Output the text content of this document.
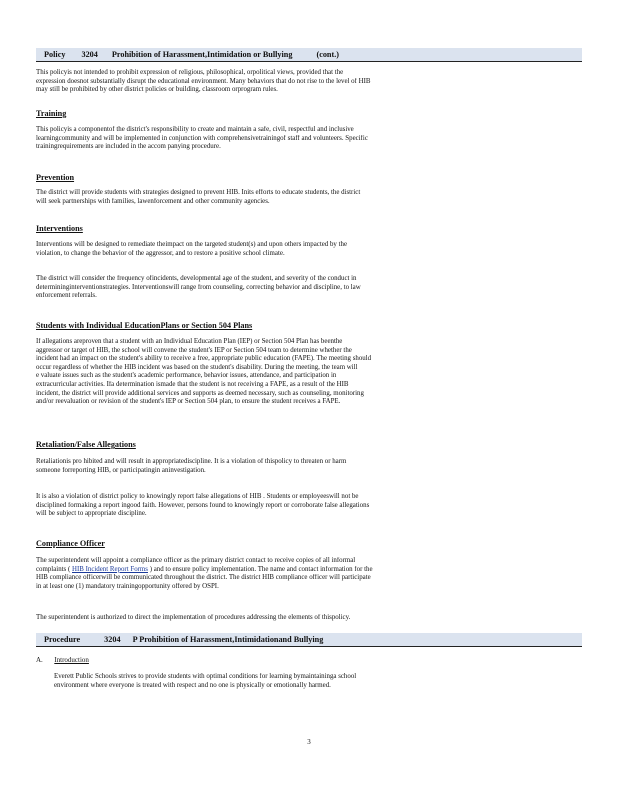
Policy 3204 Prohibition of Harassment,Intimidation or Bullying	(cont.)
This policyis not intended to prohibit expression of religious, philosophical, orpolitical views, provided that the
expression doesnot substantially disrupt the educational environment. Many behaviors that do not rise to the level of HIB
may still be prohibited by other district policies or building, classroom orprogram rules.
Training
This policyis a componentof the district's responsibility to create and maintain a safe, civil, respectful and inclusive
learningcommunity and will be implemented in conjunction with comprehensivetrainingof staff and volunteers. Specific
trainingrequirements are included in the accom panying procedure.
Prevention
The district will provide students with strategies designed to prevent HIB. Inits efforts to educate students, the district
will seek partnerships with families, lawenforcement and other community agencies.
Interventions
Interventions will be designed to remediate theimpact on the targeted student(s) and upon others impacted by the
violation, to change the behavior of the aggressor, and to restore a positive school climate.
The district will consider the frequency ofincidents, developmental age of the student, and severity of the conduct in
determininginterventionstrategies. Interventionswill range from counseling, correcting behavior and discipline, to law
enforcement referrals.
Students with Individual EducationPlans or Section 504 Plans
If allegations areproven that a student with an Individual Education Plan (IEP) or Section 504 Plan has beenthe
aggressor or target of HIB, the school will convene the student's IEP or Section 504 team to determine whether the
incident had an impact on the student's ability to receive a free, appropriate public education (FAPE). The meeting should
occur regardless of whether the HIB incident was based on the student's disability. During the meeting, the team will
e valuate issues such as the student's academic performance, behavior issues, attendance, and participation in
extracurricular activities. Ifa determination ismade that the student is not receiving a FAPE, as a result of the HIB
incident, the district will provide additional services and supports as deemed necessary, such as counseling, monitoring
and/or reevaluation or revision of the student's IEP or Section 504 plan, to ensure the student receives a FAPE.
Retaliation/False Allegations
Retaliationis pro hibited and will result in appropriatediscipline. It is a violation of thispolicy to threaten or harm
someone forreporting HIB, or participatingin aninvestigation.
It is also a violation of district policy to knowingly report false allegations of HIB . Students or employeeswill not be
disciplined formaking a report ingood faith. However, persons found to knowingly report or corroborate false allegations
will be subject to appropriate discipline.
Compliance Officer
The superintendent will appoint a compliance officer as the primary district contact to receive copies of all informal
complaints ( HIB Incident Report Forms ) and to ensure policy implementation. The name and contact information for the
HIB compliance officerwill be communicated throughout the district. The district HIB compliance officer will participate
in at least one (1) mandatory trainingopportunity offered by OSPI.
The superintendent is authorized to direct the implementation of procedures addressing the elements of thispolicy.
Procedure	3204 P Prohibition of Harassment,Intimidationand Bullying
A. Introduction
Everett Public Schools strives to provide students with optimal conditions for learning bymaintaininga school
environment where everyone is treated with respect and no one is physically or emotionally harmed.
3
